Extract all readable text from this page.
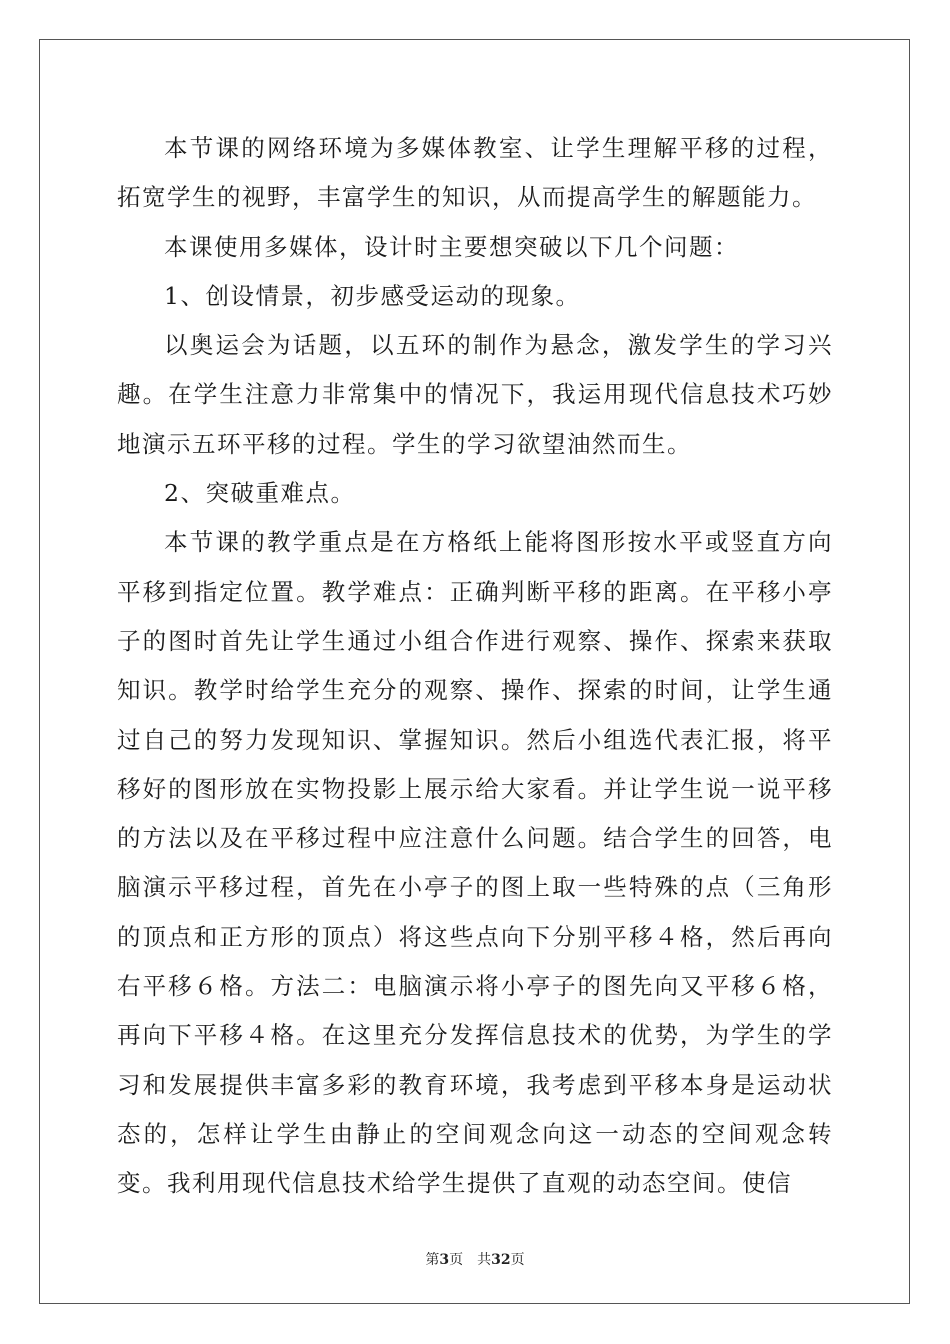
本节课的网络环境为多媒体教室、让学生理解平移的过程，拓宽学生的视野，丰富学生的知识，从而提高学生的解题能力。

本课使用多媒体，设计时主要想突破以下几个问题：

1、创设情景，初步感受运动的现象。

以奥运会为话题，以五环的制作为悬念，激发学生的学习兴趣。在学生注意力非常集中的情况下，我运用现代信息技术巧妙地演示五环平移的过程。学生的学习欲望油然而生。

2、突破重难点。

本节课的教学重点是在方格纸上能将图形按水平或竖直方向平移到指定位置。教学难点：正确判断平移的距离。在平移小亭子的图时首先让学生通过小组合作进行观察、操作、探索来获取知识。教学时给学生充分的观察、操作、探索的时间，让学生通过自己的努力发现知识、掌握知识。然后小组选代表汇报，将平移好的图形放在实物投影上展示给大家看。并让学生说一说平移的方法以及在平移过程中应注意什么问题。结合学生的回答，电脑演示平移过程，首先在小亭子的图上取一些特殊的点（三角形的顶点和正方形的顶点）将这些点向下分别平移４格，然后再向右平移６格。方法二：电脑演示将小亭子的图先向又平移６格，再向下平移４格。在这里充分发挥信息技术的优势，为学生的学习和发展提供丰富多彩的教育环境，我考虑到平移本身是运动状态的，怎样让学生由静止的空间观念向这一动态的空间观念转变。我利用现代信息技术给学生提供了直观的动态空间。使信

第3页 共32页
